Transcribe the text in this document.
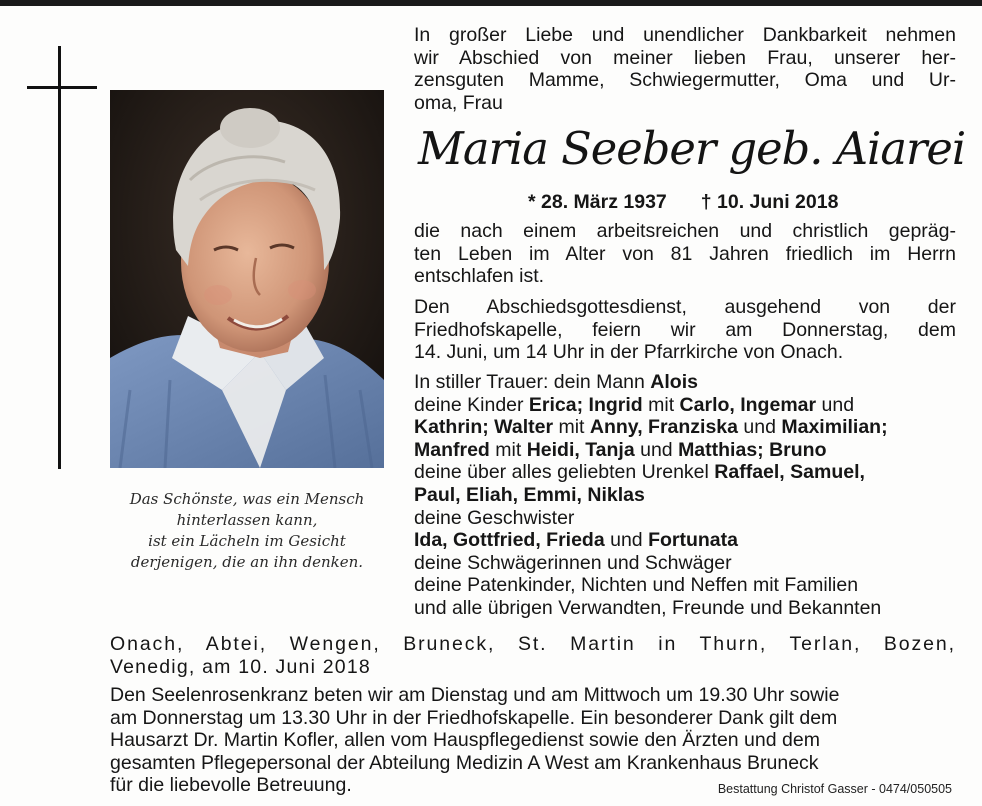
Das Schönste, was ein Mensch
hinterlassen kann,
ist ein Lächeln im Gesicht
derjenigen, die an ihn denken.
In großer Liebe und unendlicher Dankbarkeit nehmen
wir Abschied von meiner lieben Frau, unserer her-
zensguten Mamme, Schwiegermutter, Oma und Ur-
oma, Frau
Maria Seeber geb. Aiarei
* 28. März 1937 † 10. Juni 2018
die nach einem arbeitsreichen und christlich gepräg-
ten Leben im Alter von 81 Jahren friedlich im Herrn
entschlafen ist.
Den Abschiedsgottesdienst, ausgehend von der
Friedhofskapelle, feiern wir am Donnerstag, dem
14. Juni, um 14 Uhr in der Pfarrkirche von Onach.
In stiller Trauer: dein Mann Alois
deine Kinder Erica; Ingrid mit Carlo, Ingemar und
Kathrin; Walter mit Anny, Franziska und Maximilian;
Manfred mit Heidi, Tanja und Matthias; Bruno
deine über alles geliebten Urenkel Raffael, Samuel,
Paul, Eliah, Emmi, Niklas
deine Geschwister
Ida, Gottfried, Frieda und Fortunata
deine Schwägerinnen und Schwäger
deine Patenkinder, Nichten und Neffen mit Familien
und alle übrigen Verwandten, Freunde und Bekannten
Onach, Abtei, Wengen, Bruneck, St. Martin in Thurn, Terlan, Bozen,
Venedig, am 10. Juni 2018
Den Seelenrosenkranz beten wir am Dienstag und am Mittwoch um 19.30 Uhr sowie
am Donnerstag um 13.30 Uhr in der Friedhofskapelle. Ein besonderer Dank gilt dem
Hausarzt Dr. Martin Kofler, allen vom Hauspflegedienst sowie den Ärzten und dem
gesamten Pflegepersonal der Abteilung Medizin A West am Krankenhaus Bruneck
für die liebevolle Betreuung.	Bestattung Christof Gasser - 0474/050505
